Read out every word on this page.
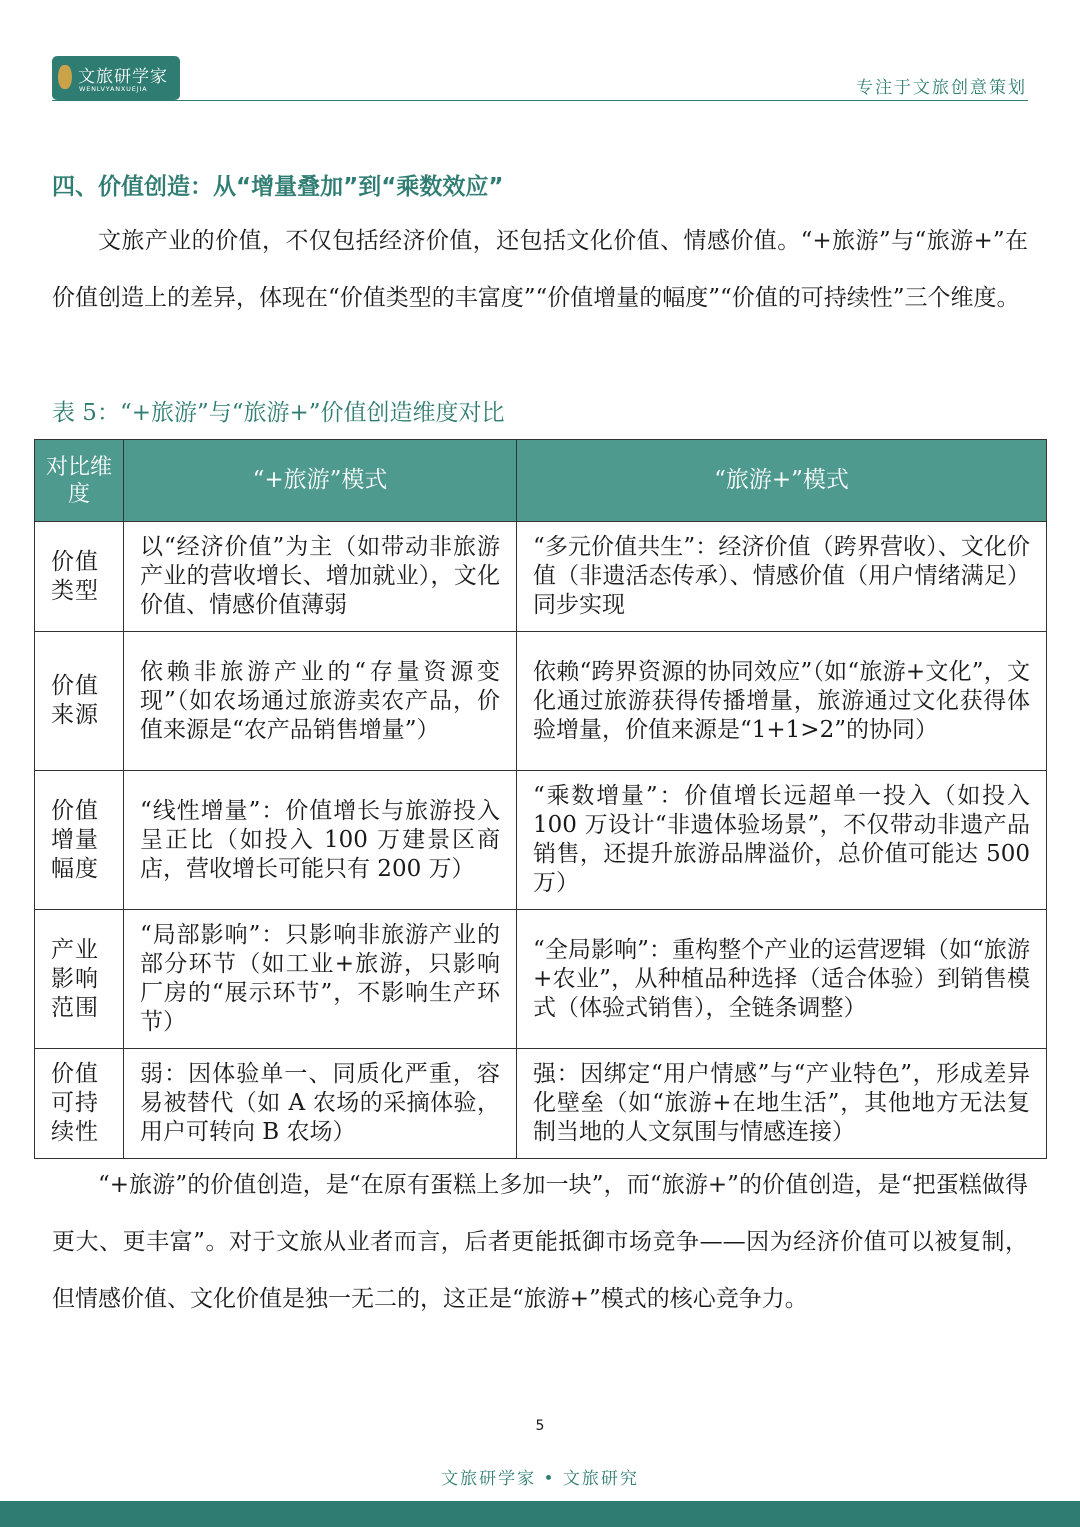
文旅研学家
WENLVYANXUEJIA	专注于文旅创意策划
四、价值创造：从“增量叠加”到“乘数效应”

文旅产业的价值，不仅包括经济价值，还包括文化价值、情感价值。“+旅游”与“旅游+”在价值创造上的差异，体现在“价值类型的丰富度”“价值增量的幅度”“价值的可持续性”三个维度。

表 5：“+旅游”与“旅游+”价值创造维度对比
对比维度	“+旅游”模式	“旅游+”模式
价值类型	以“经济价值”为主（如带动非旅游产业的营收增长、增加就业），文化价值、情感价值薄弱	“多元价值共生”：经济价值（跨界营收）、文化价值（非遗活态传承）、情感价值（用户情绪满足）同步实现
价值来源	依赖非旅游产业的“存量资源变现”（如农场通过旅游卖农产品，价值来源是“农产品销售增量”）	依赖“跨界资源的协同效应”（如“旅游+文化”，文化通过旅游获得传播增量，旅游通过文化获得体验增量，价值来源是“1+1>2”的协同）
价值增量幅度	“线性增量”：价值增长与旅游投入呈正比（如投入 100 万建景区商店，营收增长可能只有 200 万）	“乘数增量”：价值增长远超单一投入（如投入 100 万设计“非遗体验场景”，不仅带动非遗产品销售，还提升旅游品牌溢价，总价值可能达 500 万）
产业影响范围	“局部影响”：只影响非旅游产业的部分环节（如工业+旅游，只影响厂房的“展示环节”，不影响生产环节）	“全局影响”：重构整个产业的运营逻辑（如“旅游+农业”，从种植品种选择（适合体验）到销售模式（体验式销售），全链条调整）
价值可持续性	弱：因体验单一、同质化严重，容易被替代（如 A 农场的采摘体验，用户可转向 B 农场）	强：因绑定“用户情感”与“产业特色”，形成差异化壁垒（如“旅游+在地生活”，其他地方无法复制当地的人文氛围与情感连接）

“+旅游”的价值创造，是“在原有蛋糕上多加一块”，而“旅游+”的价值创造，是“把蛋糕做得更大、更丰富”。对于文旅从业者而言，后者更能抵御市场竞争——因为经济价值可以被复制，但情感价值、文化价值是独一无二的，这正是“旅游+”模式的核心竞争力。

5
文旅研学家 • 文旅研究
